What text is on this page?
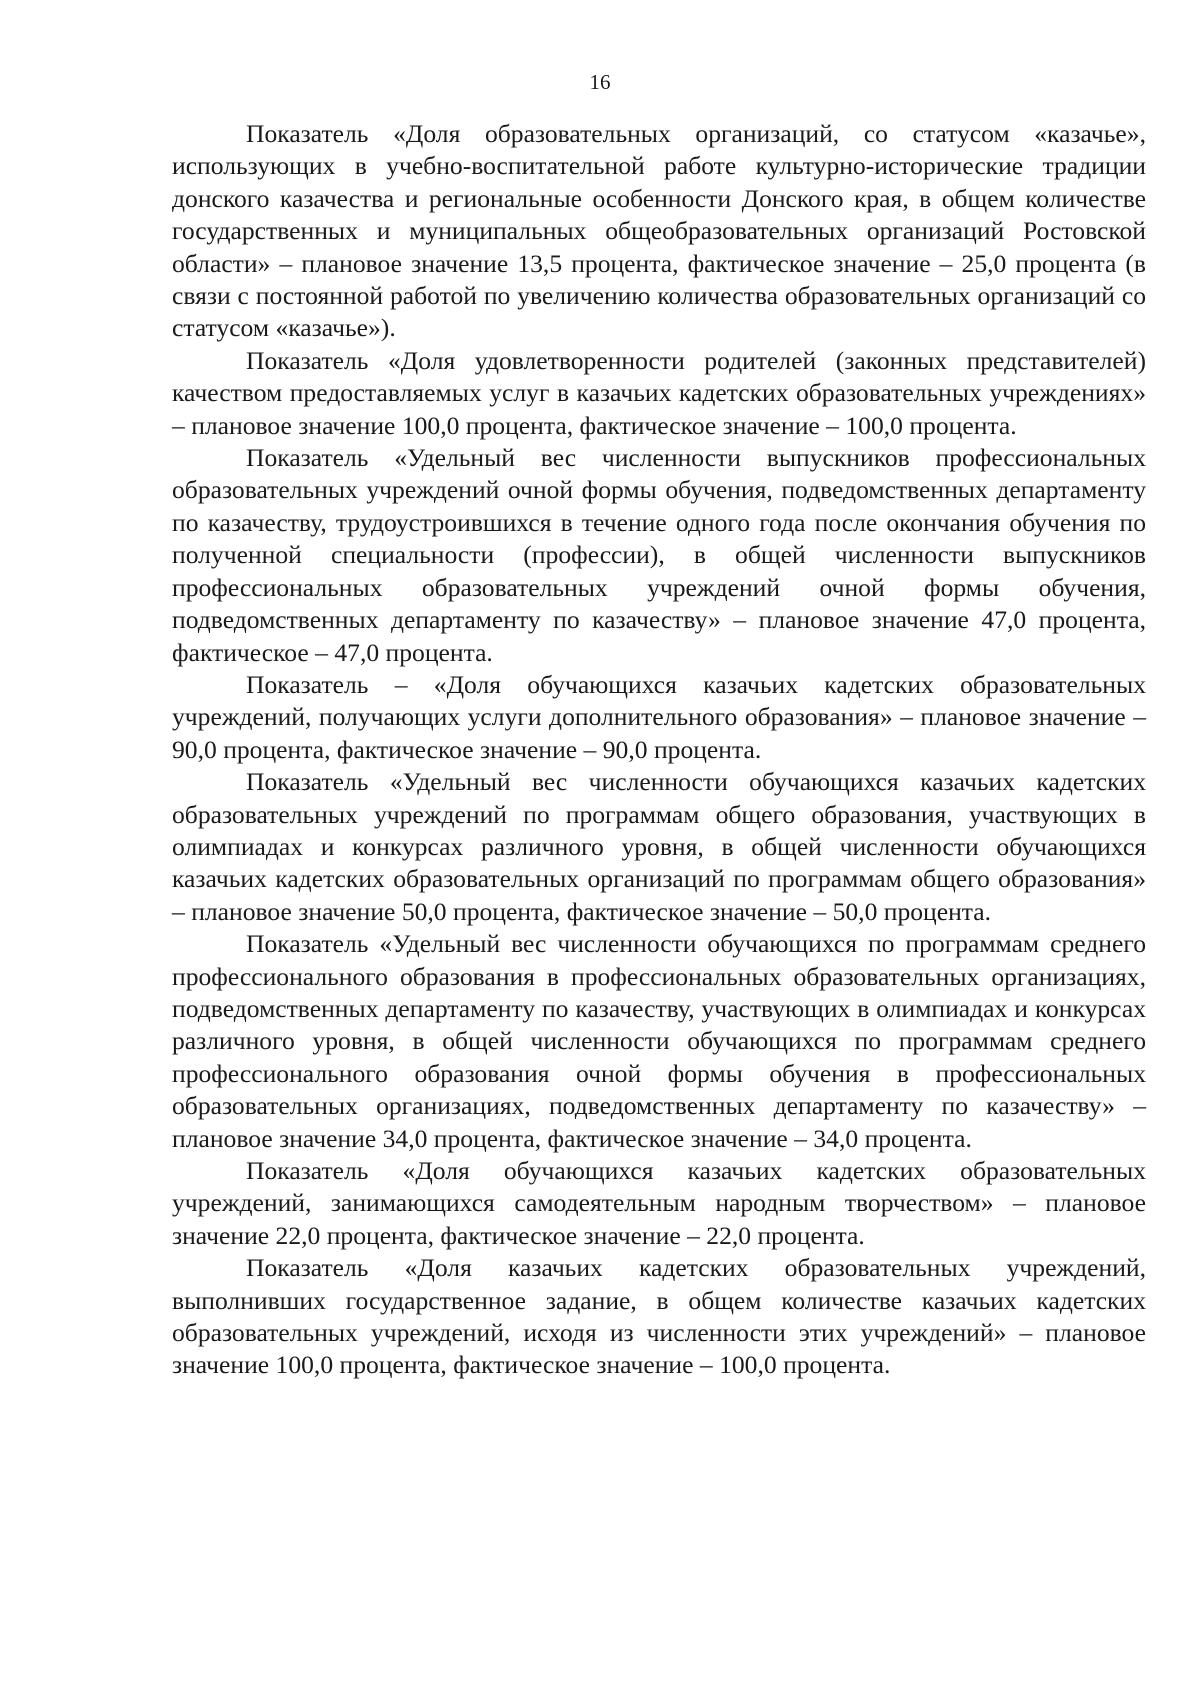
16

Показатель «Доля образовательных организаций, со статусом «казачье», использующих в учебно-воспитательной работе культурно-исторические традиции донского казачества и региональные особенности Донского края, в общем количестве государственных и муниципальных общеобразовательных организаций Ростовской области» – плановое значение 13,5 процента, фактическое значение – 25,0 процента (в связи с постоянной работой по увеличению количества образовательных организаций со статусом «казачье»).

Показатель «Доля удовлетворенности родителей (законных представителей) качеством предоставляемых услуг в казачьих кадетских образовательных учреждениях» – плановое значение 100,0 процента, фактическое значение – 100,0 процента.

Показатель «Удельный вес численности выпускников профессиональных образовательных учреждений очной формы обучения, подведомственных департаменту по казачеству, трудоустроившихся в течение одного года после окончания обучения по полученной специальности (профессии), в общей численности выпускников профессиональных образовательных учреждений очной формы обучения, подведомственных департаменту по казачеству» – плановое значение 47,0 процента, фактическое – 47,0 процента.

Показатель – «Доля обучающихся казачьих кадетских образовательных учреждений, получающих услуги дополнительного образования» – плановое значение – 90,0 процента, фактическое значение – 90,0 процента.

Показатель «Удельный вес численности обучающихся казачьих кадетских образовательных учреждений по программам общего образования, участвующих в олимпиадах и конкурсах различного уровня, в общей численности обучающихся казачьих кадетских образовательных организаций по программам общего образования» – плановое значение 50,0 процента, фактическое значение – 50,0 процента.

Показатель «Удельный вес численности обучающихся по программам среднего профессионального образования в профессиональных образовательных организациях, подведомственных департаменту по казачеству, участвующих в олимпиадах и конкурсах различного уровня, в общей численности обучающихся по программам среднего профессионального образования очной формы обучения в профессиональных образовательных организациях, подведомственных департаменту по казачеству» – плановое значение 34,0 процента, фактическое значение – 34,0 процента.

Показатель «Доля обучающихся казачьих кадетских образовательных учреждений, занимающихся самодеятельным народным творчеством» – плановое значение 22,0 процента, фактическое значение – 22,0 процента.

Показатель «Доля казачьих кадетских образовательных учреждений, выполнивших государственное задание, в общем количестве казачьих кадетских образовательных учреждений, исходя из численности этих учреждений» – плановое значение 100,0 процента, фактическое значение – 100,0 процента.
